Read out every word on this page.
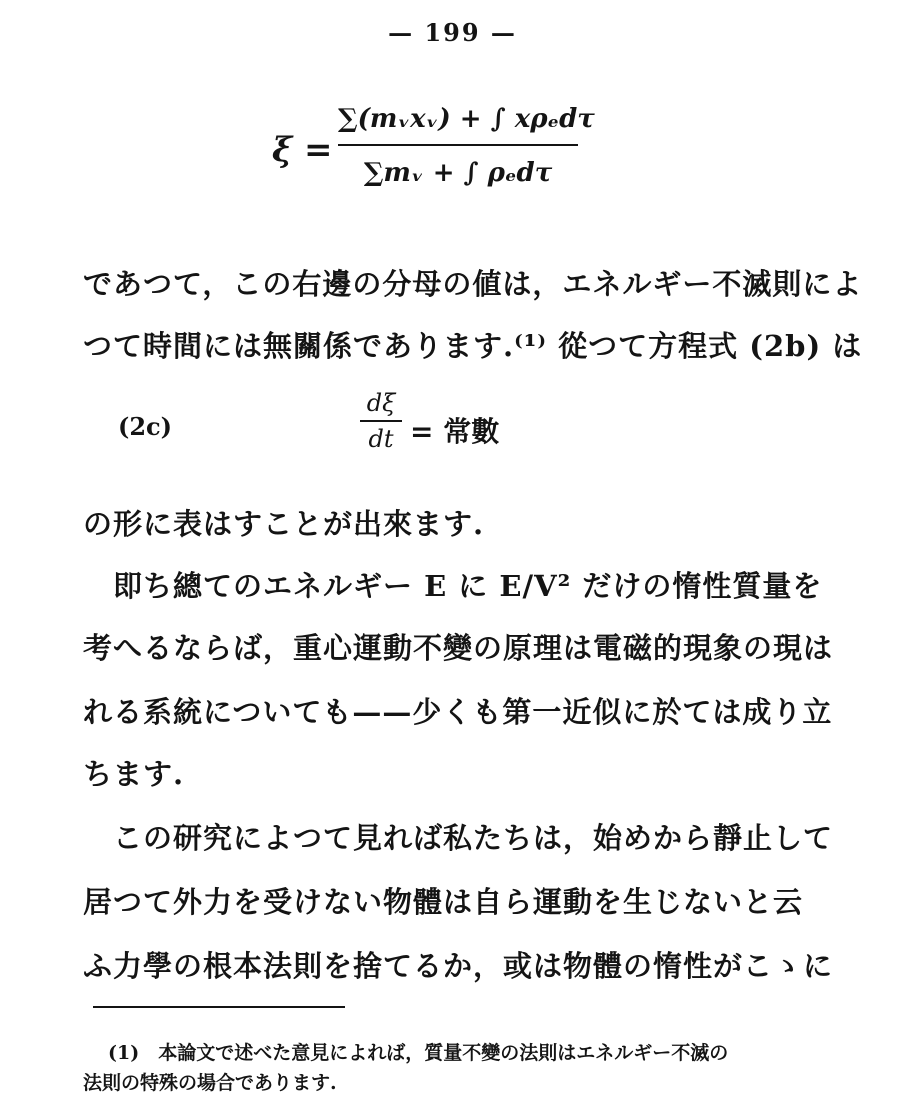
— 199 —
ξ =
∑(mᵥxᵥ) + ∫ xρₑdτ
∑mᵥ + ∫ ρₑdτ
であつて，この右邊の分母の値は，エネルギー不滅則によ
つて時間には無關係であります.⁽¹⁾ 從つて方程式 (2b) は
(2c)
dξ
dt = 常數
の形に表はすことが出來ます.
　即ち總てのエネルギー E に E/V² だけの惰性質量を
考へるならば，重心運動不變の原理は電磁的現象の現は
れる系統についても——少くも第一近似に於ては成り立
ちます.
　この研究によつて見れば私たちは，始めから靜止して
居つて外力を受けない物體は自ら運動を生じないと云
ふ力學の根本法則を捨てるか，或は物體の惰性がこゝに
(1)　本論文で述べた意見によれば，質量不變の法則はエネルギー不滅の
法則の特殊の場合であります.
